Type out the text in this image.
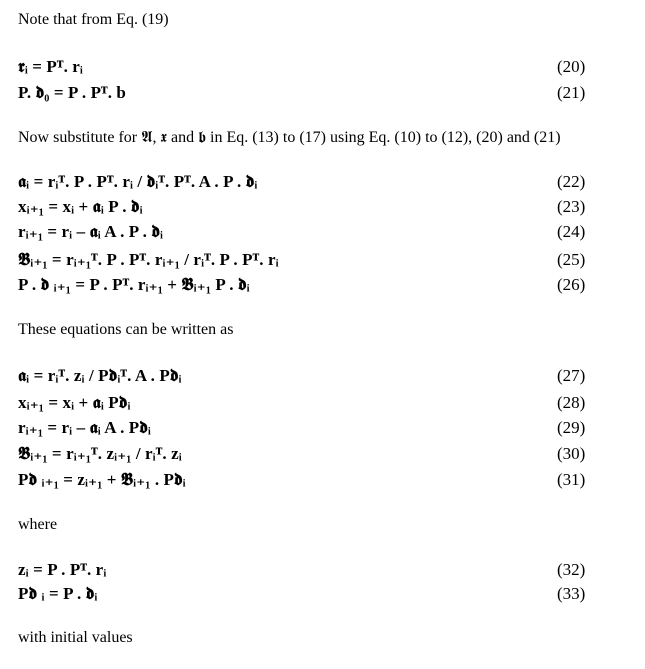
Note that from Eq. (19)
𝖗ᵢ = Pᵀ. rᵢ	(20)
P. 𝖉₀ = P . Pᵀ. b	(21)
Now substitute for 𝕬, 𝖝 and 𝖇 in Eq. (13) to (17) using Eq. (10) to (12), (20) and (21)
𝖆ᵢ = rᵢᵀ. P . Pᵀ. rᵢ / 𝖉ᵢᵀ. Pᵀ. A . P . 𝖉ᵢ	(22)
xᵢ₊₁ = xᵢ + 𝖆ᵢ P . 𝖉ᵢ	(23)
rᵢ₊₁ = rᵢ – 𝖆ᵢ A . P . 𝖉ᵢ	(24)
𝕭ᵢ₊₁ = rᵢ₊₁ᵀ. P . Pᵀ. rᵢ₊₁ / rᵢᵀ. P . Pᵀ. rᵢ	(25)
P . 𝖉 ᵢ₊₁ = P . Pᵀ. rᵢ₊₁ + 𝕭ᵢ₊₁ P . 𝖉ᵢ	(26)
These equations can be written as
𝖆ᵢ = rᵢᵀ. zᵢ / P𝖉ᵢᵀ. A . P𝖉ᵢ	(27)
xᵢ₊₁ = xᵢ + 𝖆ᵢ P𝖉ᵢ	(28)
rᵢ₊₁ = rᵢ – 𝖆ᵢ A . P𝖉ᵢ	(29)
𝕭ᵢ₊₁ = rᵢ₊₁ᵀ. zᵢ₊₁ / rᵢᵀ. zᵢ	(30)
P𝖉 ᵢ₊₁ = zᵢ₊₁ + 𝕭ᵢ₊₁ . P𝖉ᵢ	(31)
where
zᵢ = P . Pᵀ. rᵢ	(32)
P𝖉 ᵢ = P . 𝖉ᵢ	(33)
with initial values
